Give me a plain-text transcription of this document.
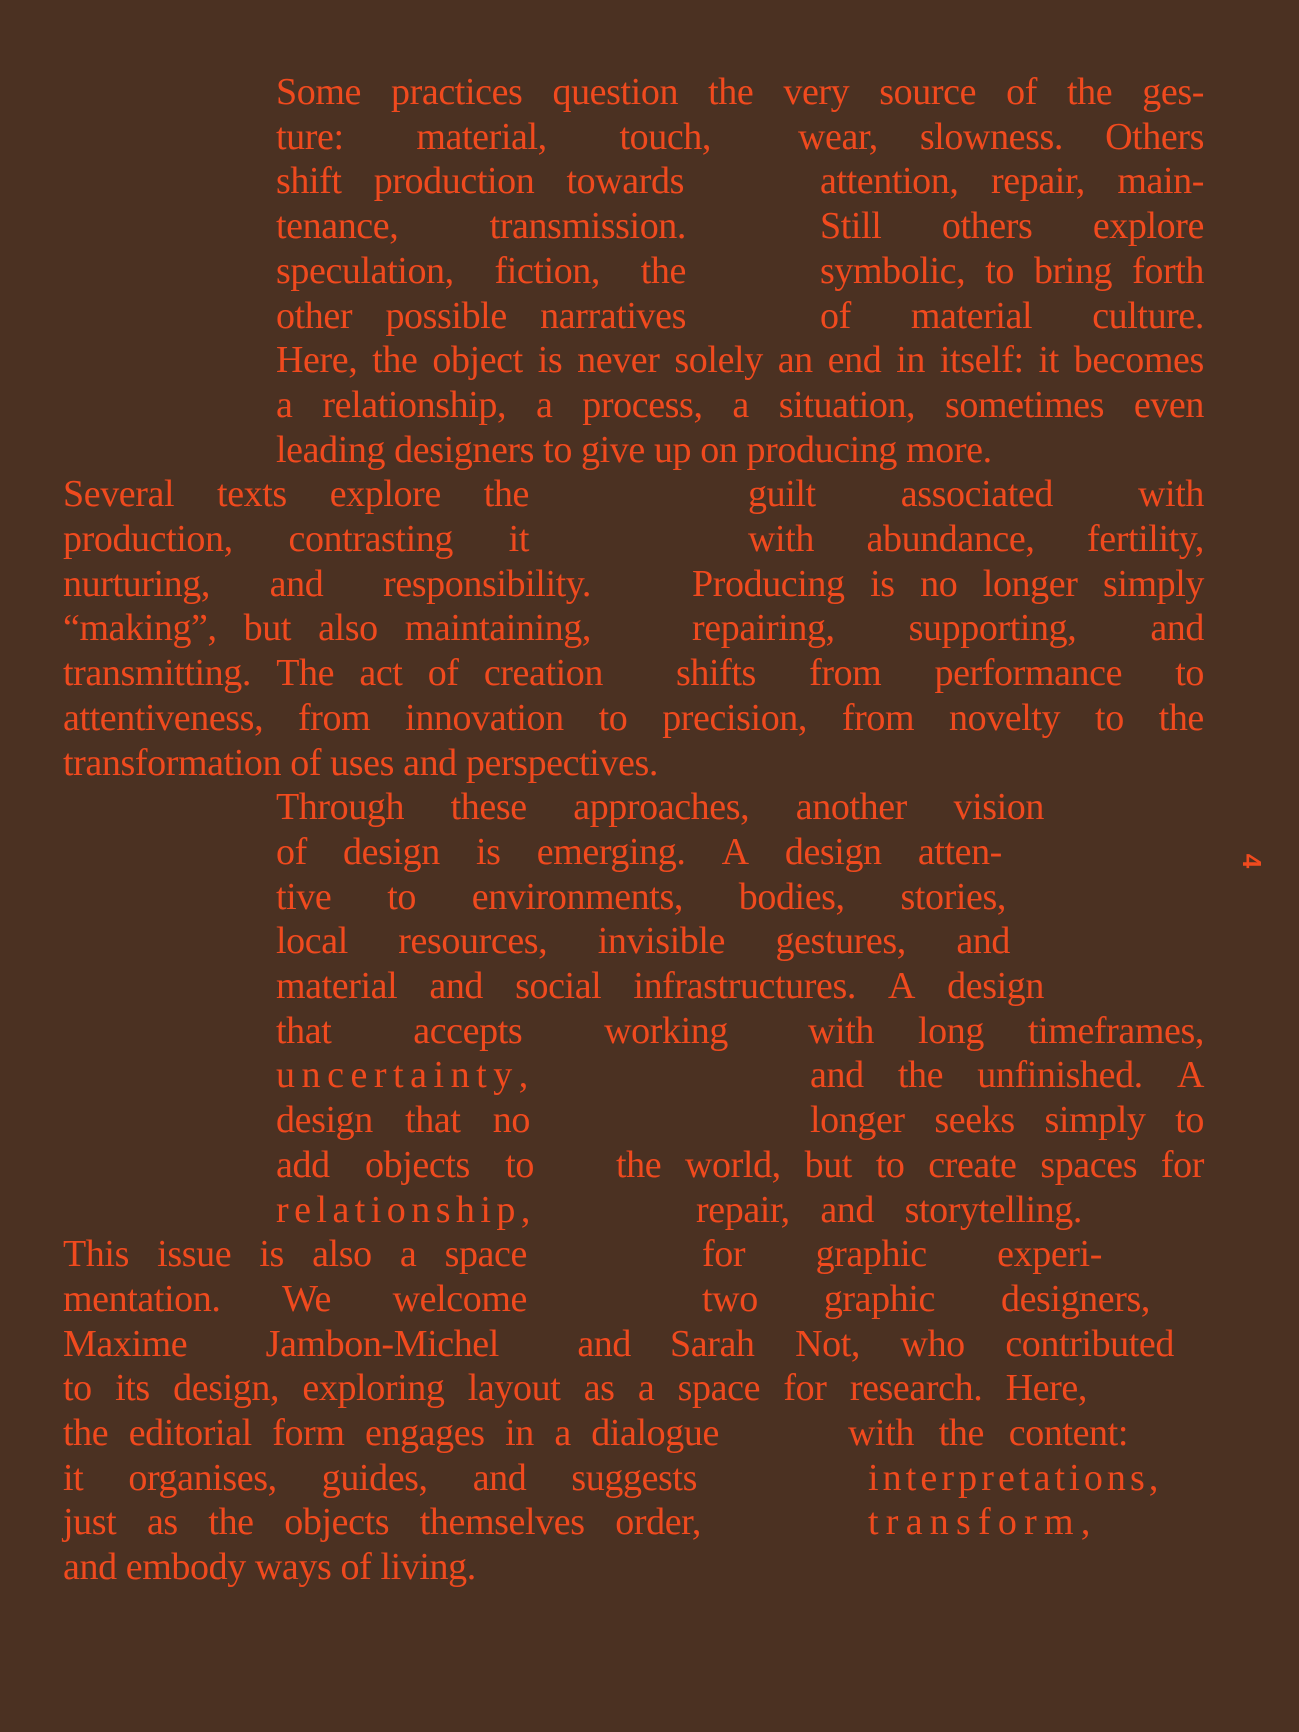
4
Some practices question the very source of the ges-
ture: material, touch, wear, slowness. Others
shift production towards	attention, repair, main-
tenance, transmission.	Still others explore
speculation, fiction, the	symbolic, to bring forth
other possible narratives	of material culture.
Here, the object is never solely an end in itself: it becomes
a relationship, a process, a situation, sometimes even
leading designers to give up on producing more.
Several texts explore the	guilt associated with
production, contrasting it	with abundance, fertility,
nurturing, and responsibility.	Producing is no longer simply
“making”, but also maintaining,	repairing, supporting, and
transmitting. The act of creation shifts from performance to
attentiveness, from innovation to precision, from novelty to the
transformation of uses and perspectives.
Through these approaches, another vision
of design is emerging. A design atten-
tive to environments, bodies, stories,
local resources, invisible gestures, and
material and social infrastructures. A design
that accepts working with long timeframes,
u n c e r t a i n t y ,	and the unfinished. A
design that no	longer seeks simply to
add objects to the world, but to create spaces for
r e l a t i o n s h i p ,	repair, and storytelling.
This issue is also a space	for graphic experi-
mentation. We welcome	two graphic designers,
Maxime Jambon-Michel and Sarah Not, who contributed
to its design, exploring layout as a space for research. Here,
the editorial form engages in a dialogue	with the content:
it organises, guides, and suggests	i n t e r p r e t a t i o n s ,
just as the objects themselves order,	t r a n s f o r m ,
and embody ways of living.
